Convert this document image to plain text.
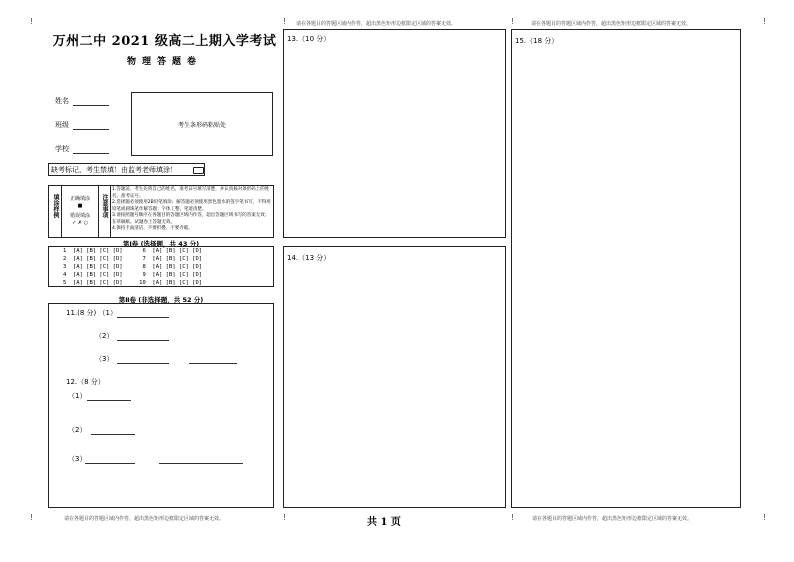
请在各题目的答题区域内作答，超出黑色矩形边框限定区域的答案无效。	请在各题目的答题区域内作答，超出黑色矩形边框限定区域的答案无效。
!	!	!	!
!	!	!	!
万州二中 2021 级高二上期入学考试
物理答题卷
姓名
班级
学校
考生条形码粘贴处
缺考标记，考生禁填！由监考老师填涂！
填涂样例	正确填涂
■
错误填涂
✓ ✗ ○
注意事项
1.答题前，考生先将自己的姓名、准考证号填写清楚，并认真核对条形码上的姓名、准考证号。
2.选择题必须使用2B铅笔填涂；解答题必须使用黑色墨水的签字笔书写，不得用铅笔或圆珠笔作解答题：字体工整、笔迹清楚。
3.请按照题号顺序在各题目的答题区域内作答，超出答题区域书写的答案无效；在草稿纸、试题卷上答题无效。
4.保持卡面清洁，不要折叠、不要弄破。
第Ⅰ卷 (选择题，共 43 分)
1  [A] [B] [C] [D]      6  [A] [B] [C] [D]
2  [A] [B] [C] [D]      7  [A] [B] [C] [D]
3  [A] [B] [C] [D]      8  [A] [B] [C] [D]
4  [A] [B] [C] [D]      9  [A] [B] [C] [D]
5  [A] [B] [C] [D]     10  [A] [B] [C] [D]
第Ⅱ卷 (非选择题，共 52 分)
11.(8 分) （1）
（2）
（3）
12.（8 分）
（1）
（2）
（3）
13.（10 分）
14.（13 分）
15.（18 分）
请在各题目的答题区域内作答，超出黑色矩形边框限定区域的答案无效。	请在各题目的答题区域内作答，超出黑色矩形边框限定区域的答案无效。
共 1 页
